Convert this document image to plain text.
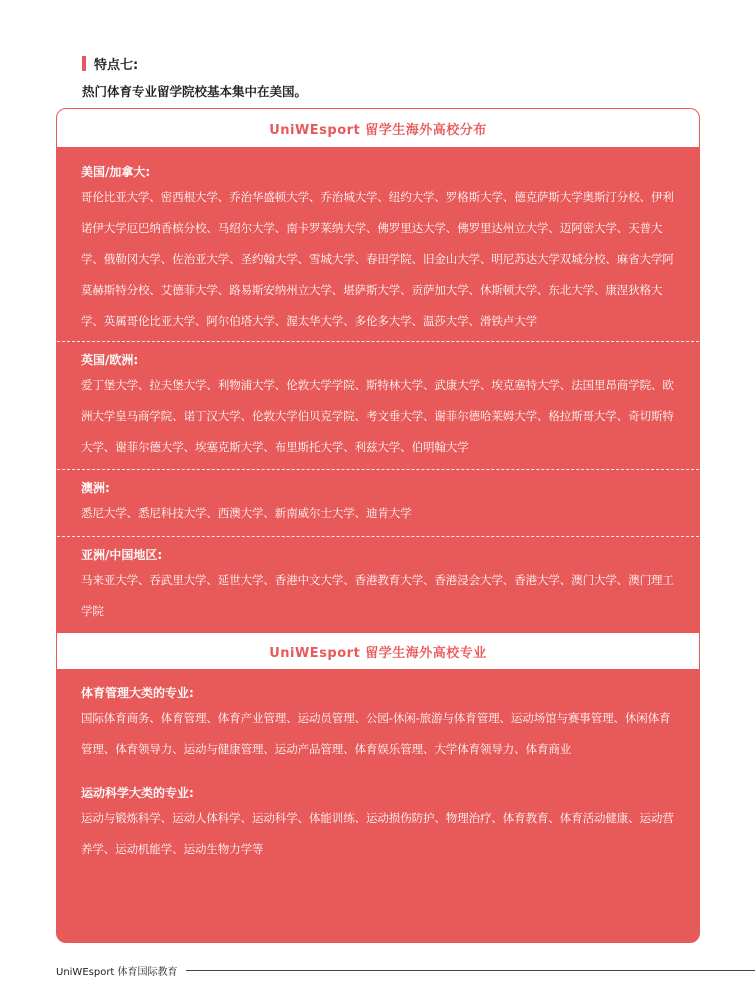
特点七:
热门体育专业留学院校基本集中在美国。
UniWEsport 留学生海外高校分布

美国/加拿大:

哥伦比亚大学、密西根大学、乔治华盛顿大学、乔治城大学、纽约大学、罗格斯大学、德克萨斯大学奥斯汀分校、伊利诺伊大学厄巴纳香槟分校、马绍尔大学、南卡罗莱纳大学、佛罗里达大学、佛罗里达州立大学、迈阿密大学、天普大学、俄勒冈大学、佐治亚大学、圣约翰大学、雪城大学、春田学院、旧金山大学、明尼苏达大学双城分校、麻省大学阿莫赫斯特分校、艾德菲大学、路易斯安纳州立大学、堪萨斯大学、贡萨加大学、休斯顿大学、东北大学、康涅狄格大学、英属哥伦比亚大学、阿尔伯塔大学、渥太华大学、多伦多大学、温莎大学、滑铁卢大学

英国/欧洲:

爱丁堡大学、拉夫堡大学、利物浦大学、伦敦大学学院、斯特林大学、武康大学、埃克塞特大学、法国里昂商学院、欧洲大学皇马商学院、诺丁汉大学、伦敦大学伯贝克学院、考文垂大学、谢菲尔德哈莱姆大学、格拉斯哥大学、奇切斯特大学、谢菲尔德大学、埃塞克斯大学、布里斯托大学、利兹大学、伯明翰大学

澳洲:

悉尼大学、悉尼科技大学、西澳大学、新南威尔士大学、迪肯大学

亚洲/中国地区:

马来亚大学、吞武里大学、延世大学、香港中文大学、香港教育大学、香港浸会大学、香港大学、澳门大学、澳门理工学院

UniWEsport 留学生海外高校专业

体育管理大类的专业:

国际体育商务、体育管理、体育产业管理、运动员管理、公园-休闲-旅游与体育管理、运动场馆与赛事管理、休闲体育管理、体育领导力、运动与健康管理、运动产品管理、体育娱乐管理、大学体育领导力、体育商业

运动科学大类的专业:

运动与锻炼科学、运动人体科学、运动科学、体能训练、运动损伤防护、物理治疗、体育教育、体育活动健康、运动营养学、运动机能学、运动生物力学等

UniWEsport 体育国际教育
